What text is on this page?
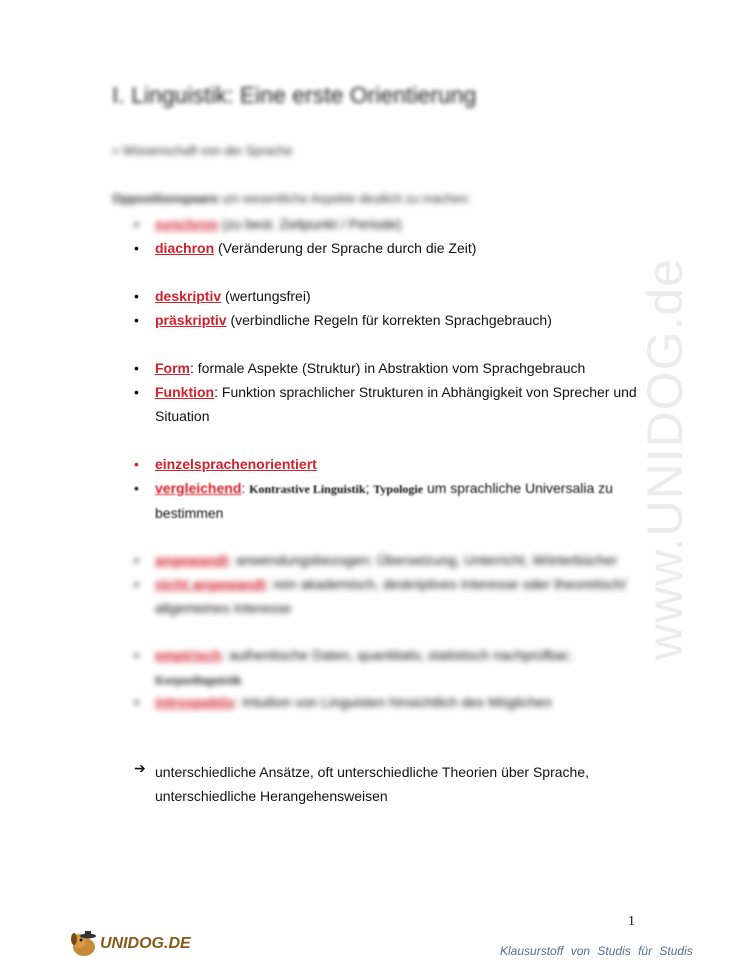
www.UNIDOG.de
I. Linguistik: Eine erste Orientierung
= Wissenschaft von der Sprache
Oppositionspaare um wesentliche Aspekte deutlich zu machen:
•	synchron (zu best. Zeitpunkt / Periode)
•	diachron (Veränderung der Sprache durch die Zeit)
•	deskriptiv (wertungsfrei)
•	präskriptiv (verbindliche Regeln für korrekten Sprachgebrauch)
•	Form: formale Aspekte (Struktur) in Abstraktion vom Sprachgebrauch
•	Funktion: Funktion sprachlicher Strukturen in Abhängigkeit von Sprecher und Situation
•	einzelsprachenorientiert
•	vergleichend: Kontrastive Linguistik; Typologie um sprachliche Universalia zu bestimmen
•	angewandt: anwendungsbezogen: Übersetzung, Unterricht, Wörterbücher
•	nicht angewandt: rein akademisch, deskriptives Interesse oder theoretisch/ allgemeines Interesse
•	empirisch: authentische Daten, quantitativ, statistisch nachprüfbar; Korpuslinguistik
•	introspektiv: Intuition von Linguisten hinsichtlich des Möglichen
➔ unterschiedliche Ansätze, oft unterschiedliche Theorien über Sprache, unterschiedliche Herangehensweisen
1
UNIDOG.DE	Klausurstoff von Studis für Studis
